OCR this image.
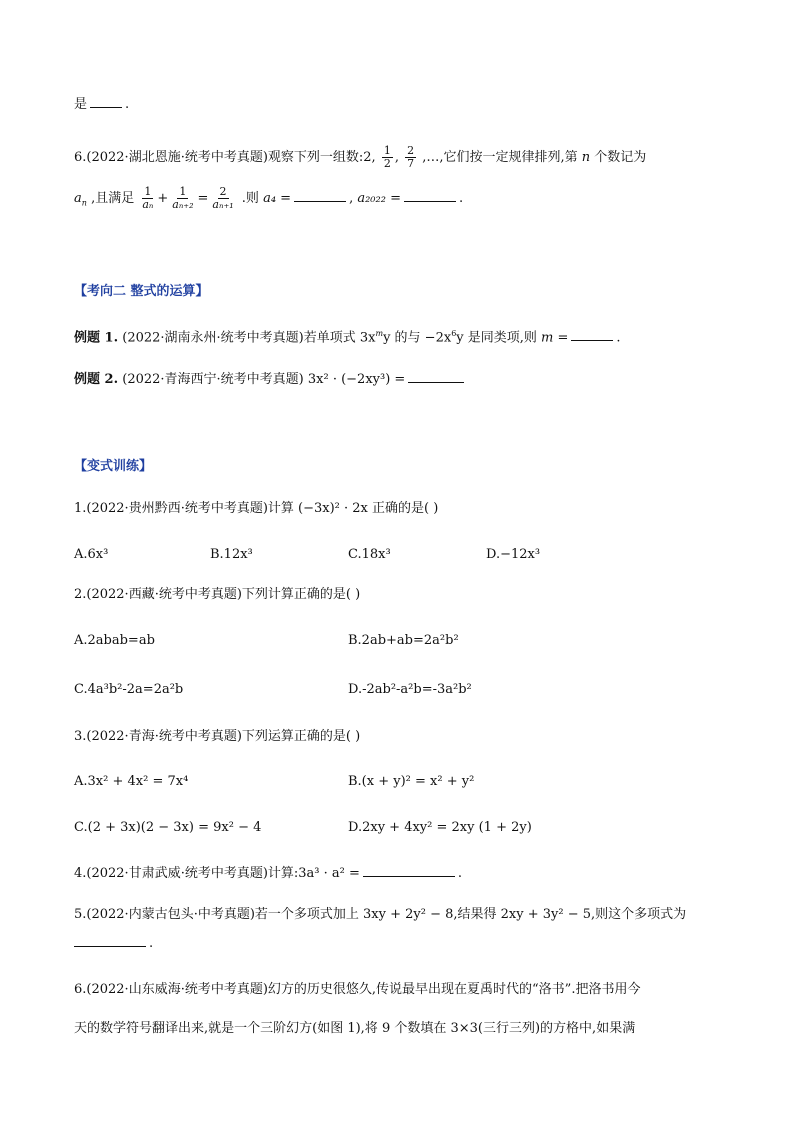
是	.
6.(2022·湖北恩施·统考中考真题)观察下列一组数:2, $\frac{1}{2}$ , $\frac{2}{7}$ ,…,它们按一定规律排列,第 n 个数记为
$a_n$ ,且满足 $\frac{1}{\text{aₙ}} + \frac{1}{\text{aₙ₊₂}} = \frac{2}{\text{aₙ₊₁}}$ .则 a₄ =	, a₂₀₂₂ =	.
【考向二 整式的运算】
例题 1. (2022·湖南永州·统考中考真题)若单项式 $3x^my$ 的与 $-2x^6y$ 是同类项,则 m =	.
例题 2. (2022·青海西宁·统考中考真题) 3x² · (−2xy³) =
【变式训练】
1.(2022·贵州黔西·统考中考真题)计算 (−3x)² · 2x 正确的是( )
A.6x³	B.12x³	C.18x³	D.−12x³
2.(2022·西藏·统考中考真题)下列计算正确的是( )
A.2abab=ab	B.2ab+ab=2a²b²
C.4a³b²-2a=2a²b	D.-2ab²-a²b=-3a²b²
3.(2022·青海·统考中考真题)下列运算正确的是( )
A.3x² + 4x² = 7x⁴	B.(x + y)² = x² + y²
C.(2 + 3x)(2 − 3x) = 9x² − 4	D.2xy + 4xy² = 2xy (1 + 2y)
4.(2022·甘肃武威·统考中考真题)计算:3a³ · a² =	.
5.(2022·内蒙古包头·中考真题)若一个多项式加上 3xy + 2y² − 8,结果得 2xy + 3y² − 5,则这个多项式为
.
6.(2022·山东威海·统考中考真题)幻方的历史很悠久,传说最早出现在夏禹时代的“洛书”.把洛书用今
天的数学符号翻译出来,就是一个三阶幻方(如图 1),将 9 个数填在 3×3(三行三列)的方格中,如果满
